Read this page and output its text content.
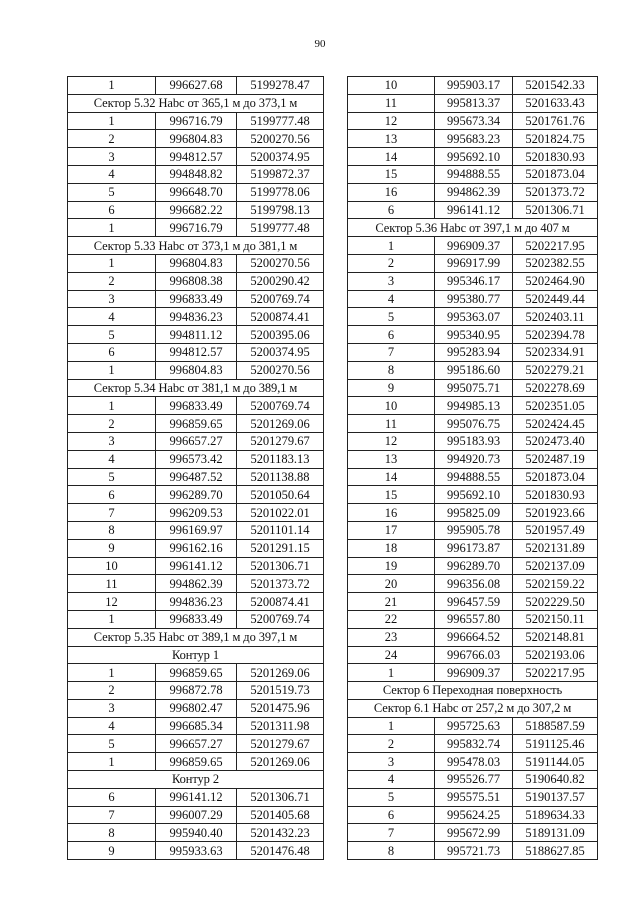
90
1	996627.68	5199278.47
Сектор 5.32 Нabc от 365,1 м до 373,1 м		
1	996716.79	5199777.48
2	996804.83	5200270.56
3	994812.57	5200374.95
4	994848.82	5199872.37
5	996648.70	5199778.06
6	996682.22	5199798.13
1	996716.79	5199777.48
Сектор 5.33 Нabc от 373,1 м до 381,1 м		
1	996804.83	5200270.56
2	996808.38	5200290.42
3	996833.49	5200769.74
4	994836.23	5200874.41
5	994811.12	5200395.06
6	994812.57	5200374.95
1	996804.83	5200270.56
Сектор 5.34 Нabc от 381,1 м до 389,1 м		
1	996833.49	5200769.74
2	996859.65	5201269.06
3	996657.27	5201279.67
4	996573.42	5201183.13
5	996487.52	5201138.88
6	996289.70	5201050.64
7	996209.53	5201022.01
8	996169.97	5201101.14
9	996162.16	5201291.15
10	996141.12	5201306.71
11	994862.39	5201373.72
12	994836.23	5200874.41
1	996833.49	5200769.74
Сектор 5.35 Нabc от 389,1 м до 397,1 м		
Контур 1		
1	996859.65	5201269.06
2	996872.78	5201519.73
3	996802.47	5201475.96
4	996685.34	5201311.98
5	996657.27	5201279.67
1	996859.65	5201269.06
Контур 2		
6	996141.12	5201306.71
7	996007.29	5201405.68
8	995940.40	5201432.23
9	995933.63	5201476.48
10	995903.17	5201542.33
11	995813.37	5201633.43
12	995673.34	5201761.76
13	995683.23	5201824.75
14	995692.10	5201830.93
15	994888.55	5201873.04
16	994862.39	5201373.72
6	996141.12	5201306.71
Сектор 5.36 Нabc от 397,1 м до 407 м		
1	996909.37	5202217.95
2	996917.99	5202382.55
3	995346.17	5202464.90
4	995380.77	5202449.44
5	995363.07	5202403.11
6	995340.95	5202394.78
7	995283.94	5202334.91
8	995186.60	5202279.21
9	995075.71	5202278.69
10	994985.13	5202351.05
11	995076.75	5202424.45
12	995183.93	5202473.40
13	994920.73	5202487.19
14	994888.55	5201873.04
15	995692.10	5201830.93
16	995825.09	5201923.66
17	995905.78	5201957.49
18	996173.87	5202131.89
19	996289.70	5202137.09
20	996356.08	5202159.22
21	996457.59	5202229.50
22	996557.80	5202150.11
23	996664.52	5202148.81
24	996766.03	5202193.06
1	996909.37	5202217.95
Сектор 6 Переходная поверхность		
Сектор 6.1 Нabc от 257,2 м до 307,2 м		
1	995725.63	5188587.59
2	995832.74	5191125.46
3	995478.03	5191144.05
4	995526.77	5190640.82
5	995575.51	5190137.57
6	995624.25	5189634.33
7	995672.99	5189131.09
8	995721.73	5188627.85
